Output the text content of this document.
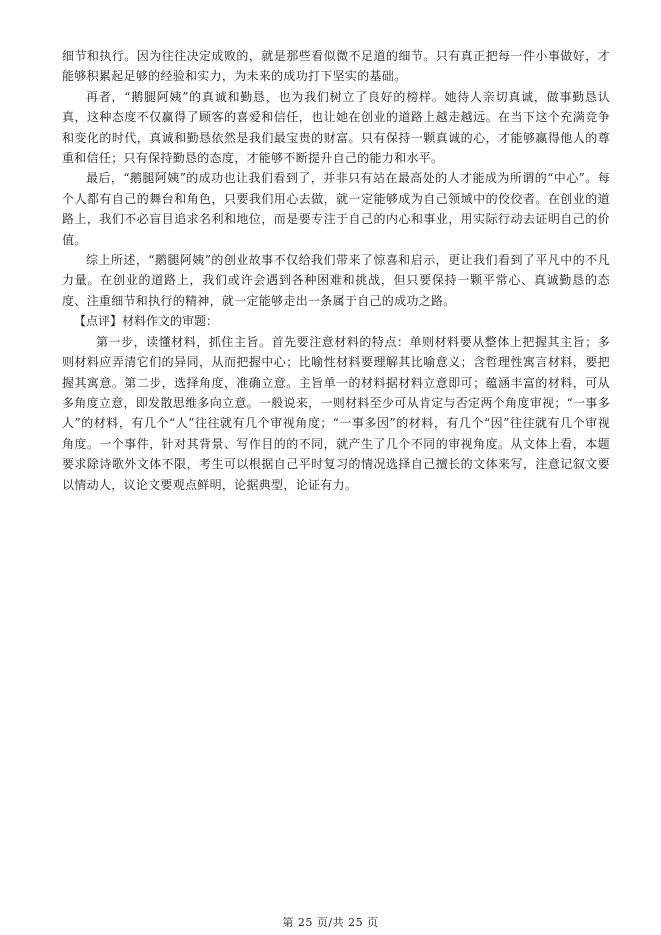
细节和执行。因为往往决定成败的，就是那些看似微不足道的细节。只有真正把每一件小事做好，才能够积累起足够的经验和实力，为未来的成功打下坚实的基础。

再者，“鹅腿阿姨”的真诚和勤恳，也为我们树立了良好的榜样。她待人亲切真诚，做事勤恳认真，这种态度不仅赢得了顾客的喜爱和信任，也让她在创业的道路上越走越远。在当下这个充满竞争和变化的时代，真诚和勤恳依然是我们最宝贵的财富。只有保持一颗真诚的心，才能够赢得他人的尊重和信任；只有保持勤恳的态度，才能够不断提升自己的能力和水平。

最后，“鹅腿阿姨”的成功也让我们看到了，并非只有站在最高处的人才能成为所谓的“中心”。每个人都有自己的舞台和角色，只要我们用心去做，就一定能够成为自己领域中的佼佼者。在创业的道路上，我们不必盲目追求名利和地位，而是要专注于自己的内心和事业，用实际行动去证明自己的价值。

综上所述，“鹅腿阿姨”的创业故事不仅给我们带来了惊喜和启示，更让我们看到了平凡中的不凡力量。在创业的道路上，我们或许会遇到各种困难和挑战，但只要保持一颗平常心、真诚勤恳的态度、注重细节和执行的精神，就一定能够走出一条属于自己的成功之路。

【点评】材料作文的审题：

第一步，读懂材料，抓住主旨。首先要注意材料的特点：单则材料要从整体上把握其主旨；多则材料应弄清它们的异同，从而把握中心；比喻性材料要理解其比喻意义；含哲理性寓言材料，要把握其寓意。第二步，选择角度，准确立意。主旨单一的材料据材料立意即可；蕴涵丰富的材料，可从多角度立意，即发散思维多向立意。一般说来，一则材料至少可从肯定与否定两个角度审视；“一事多人”的材料，有几个“人”往往就有几个审视角度；“一事多因”的材料，有几个“因”往往就有几个审视角度。一个事件，针对其背景、写作目的的不同，就产生了几个不同的审视角度。从文体上看，本题要求除诗歌外文体不限，考生可以根据自己平时复习的情况选择自己擅长的文体来写，注意记叙文要以情动人，议论文要观点鲜明，论据典型，论证有力。

第 25 页/共 25 页
